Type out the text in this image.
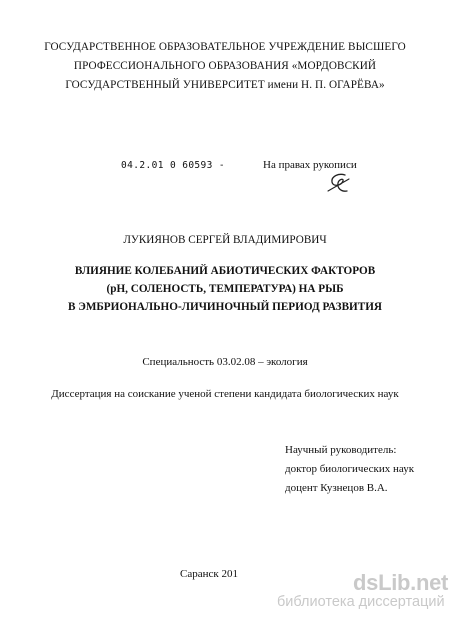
ГОСУДАРСТВЕННОЕ ОБРАЗОВАТЕЛЬНОЕ УЧРЕЖДЕНИЕ ВЫСШЕГО
ПРОФЕССИОНАЛЬНОГО ОБРАЗОВАНИЯ «МОРДОВСКИЙ
ГОСУДАРСТВЕННЫЙ УНИВЕРСИТЕТ имени Н. П. ОГАРЁВА»
04.2.01 0 60593 -	На правах рукописи
ЛУКИЯНОВ СЕРГЕЙ ВЛАДИМИРОВИЧ
ВЛИЯНИЕ КОЛЕБАНИЙ АБИОТИЧЕСКИХ ФАКТОРОВ
(pH, СОЛЕНОСТЬ, ТЕМПЕРАТУРА) НА РЫБ
В ЭМБРИОНАЛЬНО-ЛИЧИНОЧНЫЙ ПЕРИОД РАЗВИТИЯ
Специальность 03.02.08 – экология
Диссертация на соискание ученой степени кандидата биологических наук
Научный руководитель:
доктор биологических наук
доцент Кузнецов В.А.
Саранск 201	dsLib.net
библиотека диссертаций
